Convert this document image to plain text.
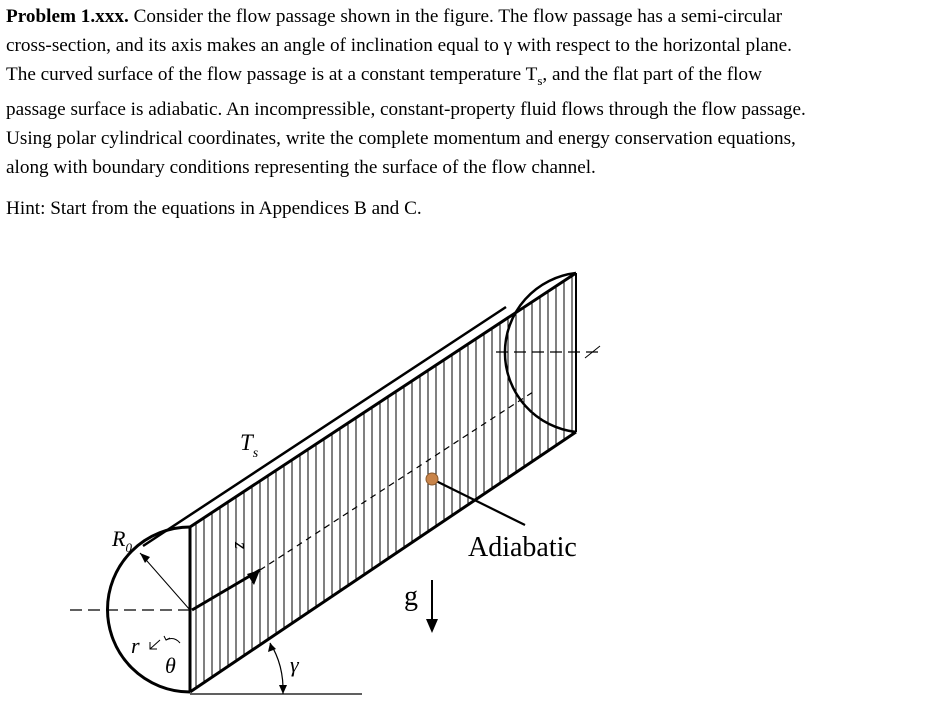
Problem 1.xxx. Consider the flow passage shown in the figure. The flow passage has a semi-circular
cross-section, and its axis makes an angle of inclination equal to γ with respect to the horizontal plane.
The curved surface of the flow passage is at a constant temperature $T_s$, and the flat part of the flow
passage surface is adiabatic. An incompressible, constant-property fluid flows through the flow passage.
Using polar cylindrical coordinates, write the complete momentum and energy conservation equations,
along with boundary conditions representing the surface of the flow channel.
Hint: Start from the equations in Appendices B and C.
$T_s$
$R_0$	Adiabatic
g
z
r
θ	γ
